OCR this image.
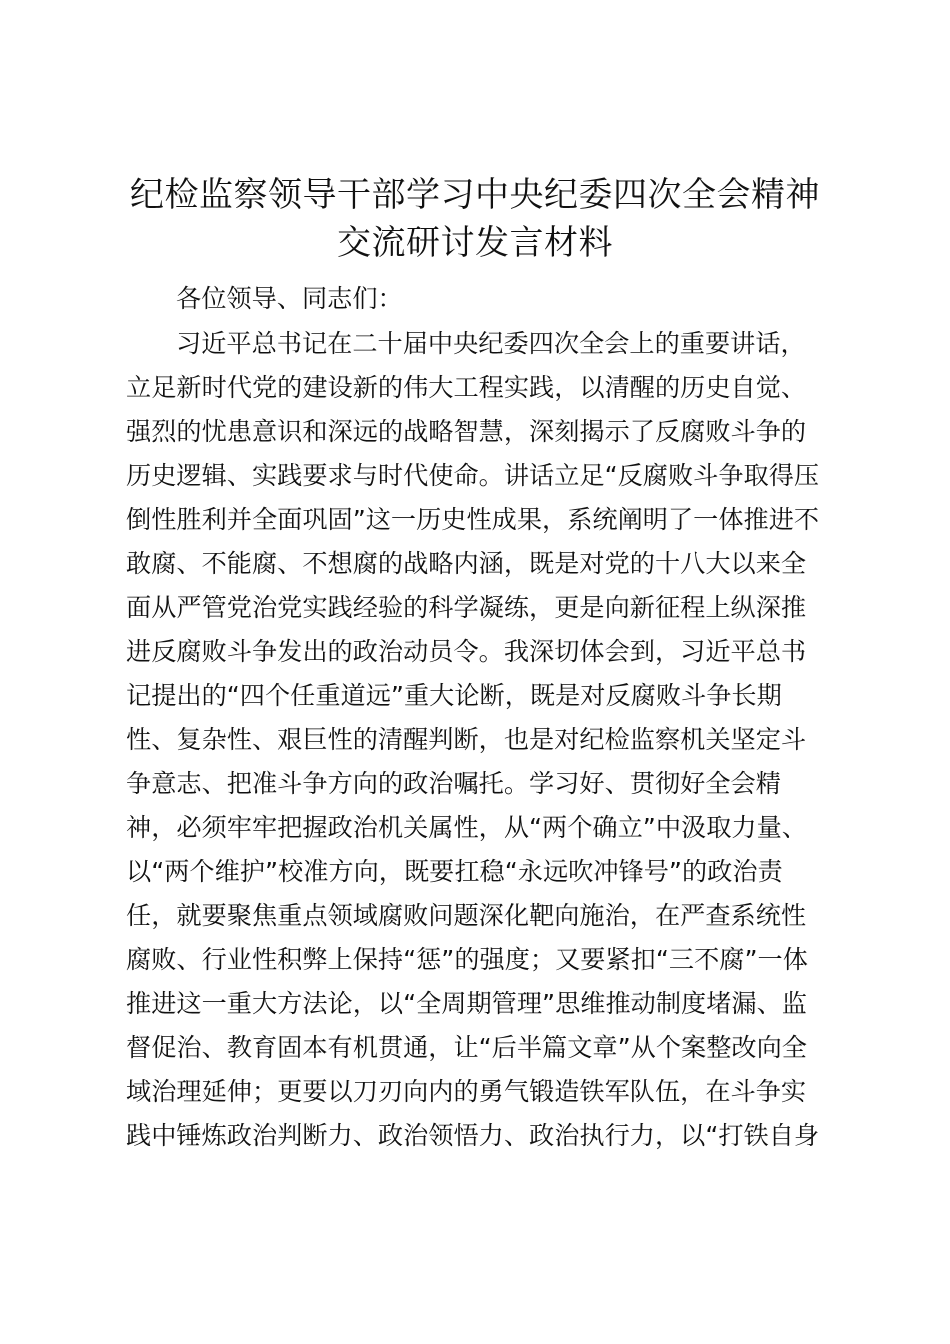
纪检监察领导干部学习中央纪委四次全会精神
交流研讨发言材料
各位领导、同志们：
习近平总书记在二十届中央纪委四次全会上的重要讲话，
立足新时代党的建设新的伟大工程实践，以清醒的历史自觉、
强烈的忧患意识和深远的战略智慧，深刻揭示了反腐败斗争的
历史逻辑、实践要求与时代使命。讲话立足“反腐败斗争取得压
倒性胜利并全面巩固”这一历史性成果，系统阐明了一体推进不
敢腐、不能腐、不想腐的战略内涵，既是对党的十八大以来全
面从严管党治党实践经验的科学凝练，更是向新征程上纵深推
进反腐败斗争发出的政治动员令。我深切体会到，习近平总书
记提出的“四个任重道远”重大论断，既是对反腐败斗争长期
性、复杂性、艰巨性的清醒判断，也是对纪检监察机关坚定斗
争意志、把准斗争方向的政治嘱托。学习好、贯彻好全会精
神，必须牢牢把握政治机关属性，从“两个确立”中汲取力量、
以“两个维护”校准方向，既要扛稳“永远吹冲锋号”的政治责
任，就要聚焦重点领域腐败问题深化靶向施治，在严查系统性
腐败、行业性积弊上保持“惩”的强度；又要紧扣“三不腐”一体
推进这一重大方法论，以“全周期管理”思维推动制度堵漏、监
督促治、教育固本有机贯通，让“后半篇文章”从个案整改向全
域治理延伸；更要以刀刃向内的勇气锻造铁军队伍，在斗争实
践中锤炼政治判断力、政治领悟力、政治执行力，以“打铁自身
